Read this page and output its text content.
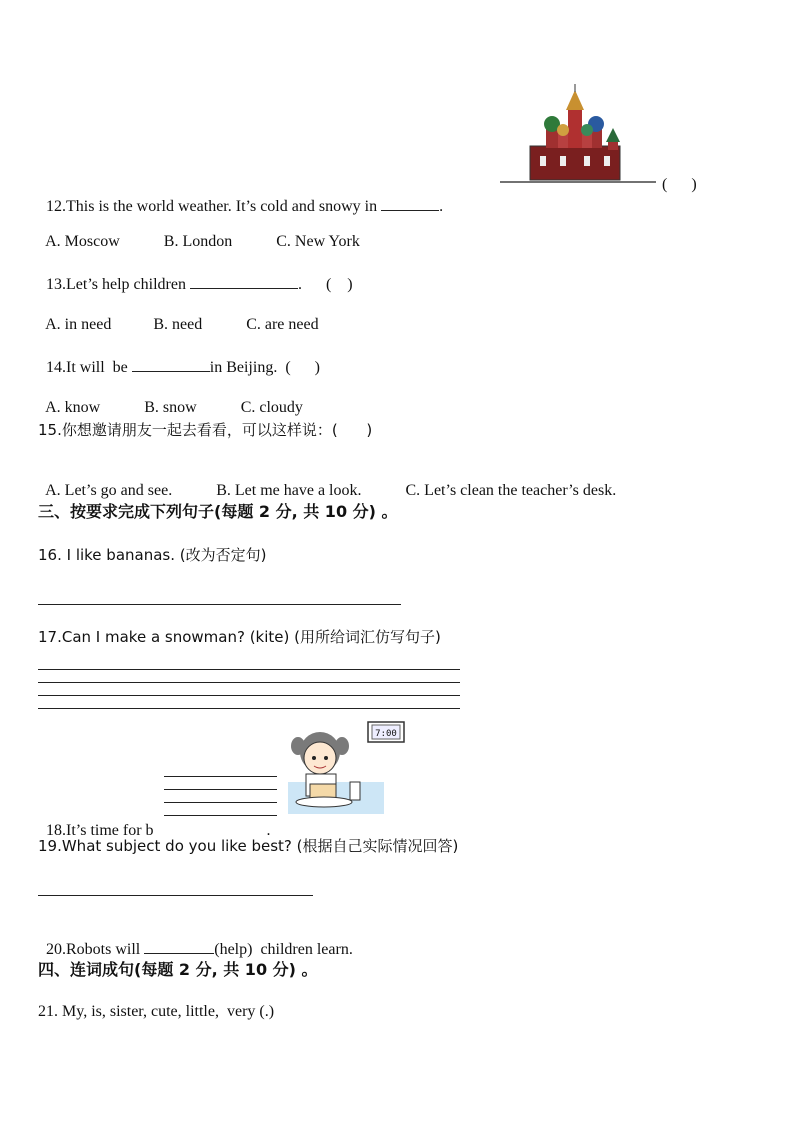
12.This is the world weather. It’s cold and snowy in	.

(      )

A. Moscow	B. London	C. New York

13.Let’s help children	.      (    )

A. in need	B. need	C. are need

14.It will  be	in Beijing.  (      )

A. know	B. snow	C. cloudy

15.你想邀请朋友一起去看看，可以这样说：(      )

A. Let’s go and see.	B. Let me have a look.	C. Let’s clean the teacher’s desk.

三、按要求完成下列句子(每题 2 分, 共 10 分) 。
16. I like bananas. (改为否定句)
17.Can I make a snowman? (kite) (用所给词汇仿写句子)
7:00

18.It’s time for b	.

19.What subject do you like best? (根据自己实际情况回答)

20.Robots will	(help)  children learn.

四、连词成句(每题 2 分, 共 10 分) 。
21. My, is, sister, cute, little,  very (.)
